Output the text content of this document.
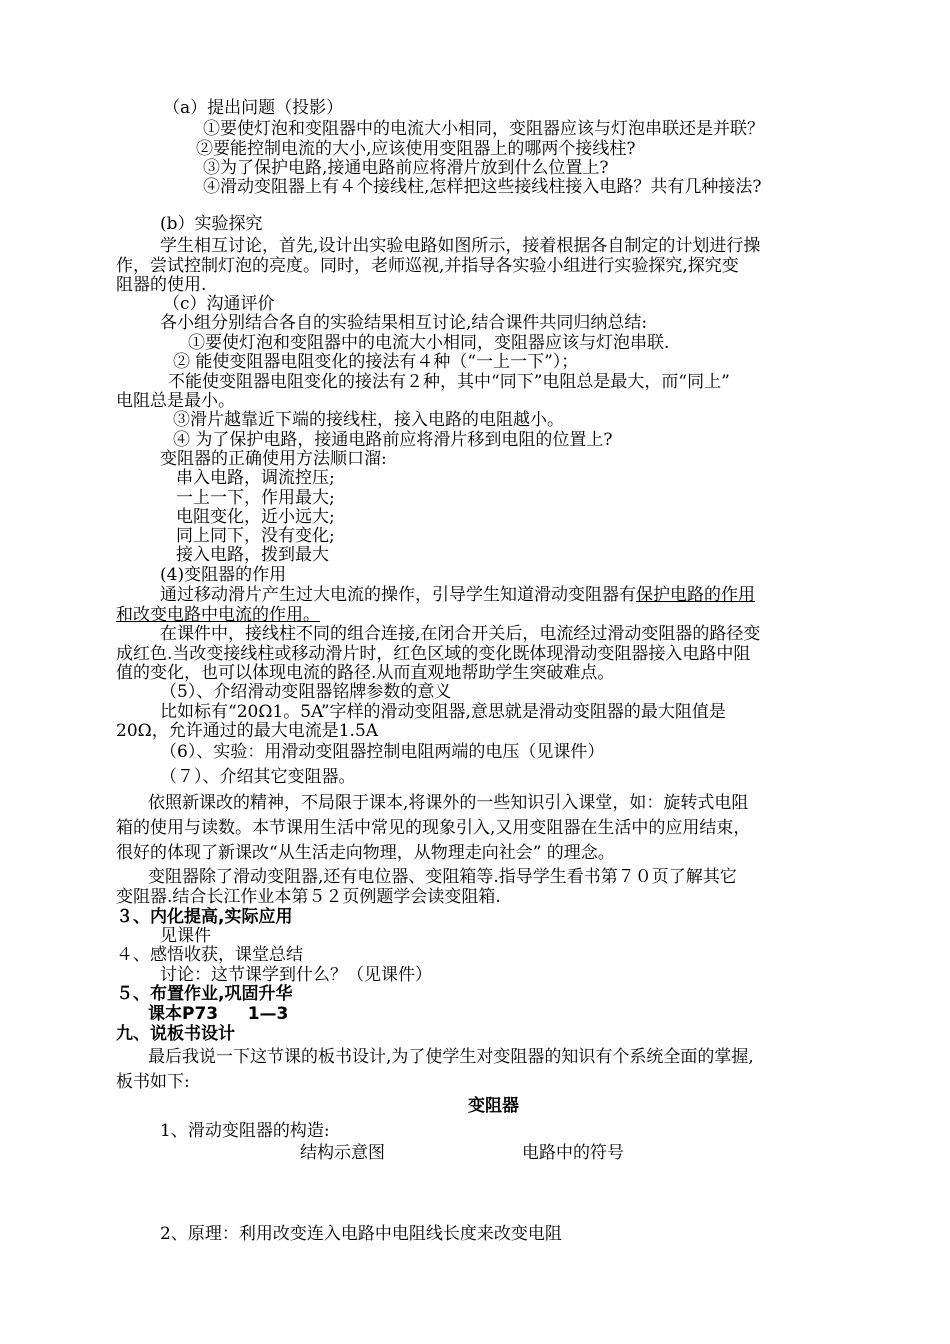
（a）提出问题（投影）
①要使灯泡和变阻器中的电流大小相同，变阻器应该与灯泡串联还是并联？
②要能控制电流的大小,应该使用变阻器上的哪两个接线柱?
③为了保护电路,接通电路前应将滑片放到什么位置上?
④滑动变阻器上有４个接线柱,怎样把这些接线柱接入电路？共有几种接法?
(b）实验探究
学生相互讨论，首先,设计出实验电路如图所示，接着根据各自制定的计划进行操
作，尝试控制灯泡的亮度。同时，老师巡视,并指导各实验小组进行实验探究,探究变
阻器的使用.
（c）沟通评价
各小组分别结合各自的实验结果相互讨论,结合课件共同归纳总结:
①要使灯泡和变阻器中的电流大小相同，变阻器应该与灯泡串联.
② 能使变阻器电阻变化的接法有４种（“一上一下”）；
不能使变阻器电阻变化的接法有２种，其中“同下”电阻总是最大，而“同上”
电阻总是最小。
③滑片越靠近下端的接线柱，接入电路的电阻越小。
④ 为了保护电路，接通电路前应将滑片移到电阻的位置上?
变阻器的正确使用方法顺口溜:
串入电路，调流控压;
一上一下，作用最大;
电阻变化，近小远大;
同上同下，没有变化;
接入电路，拨到最大
(4)变阻器的作用
通过移动滑片产生过大电流的操作，引导学生知道滑动变阻器有保护电路的作用
和改变电路中电流的作用。
在课件中，接线柱不同的组合连接,在闭合开关后，电流经过滑动变阻器的路径变
成红色.当改变接线柱或移动滑片时，红色区域的变化既体现滑动变阻器接入电路中阻
值的变化，也可以体现电流的路径.从而直观地帮助学生突破难点。
（5）、介绍滑动变阻器铭牌参数的意义
比如标有“20Ω1。5A”字样的滑动变阻器,意思就是滑动变阻器的最大阻值是
20Ω，允许通过的最大电流是1.5A
（6）、实验：用滑动变阻器控制电阻两端的电压（见课件）
（７）、介绍其它变阻器。
依照新课改的精神，不局限于课本,将课外的一些知识引入课堂，如：旋转式电阻
箱的使用与读数。本节课用生活中常见的现象引入,又用变阻器在生活中的应用结束，
很好的体现了新课改“从生活走向物理，从物理走向社会” 的理念。
变阻器除了滑动变阻器,还有电位器、变阻箱等.指导学生看书第７０页了解其它
变阻器.结合长江作业本第５２页例题学会读变阻箱.
３、内化提高,实际应用
见课件
４、感悟收获，课堂总结
讨论：这节课学到什么？（见课件）
５、布置作业,巩固升华
课本P73     1—3
九、说板书设计
最后我说一下这节课的板书设计,为了使学生对变阻器的知识有个系统全面的掌握,
板书如下:
变阻器
1、滑动变阻器的构造:
结构示意图	电路中的符号
2、原理：利用改变连入电路中电阻线长度来改变电阻
